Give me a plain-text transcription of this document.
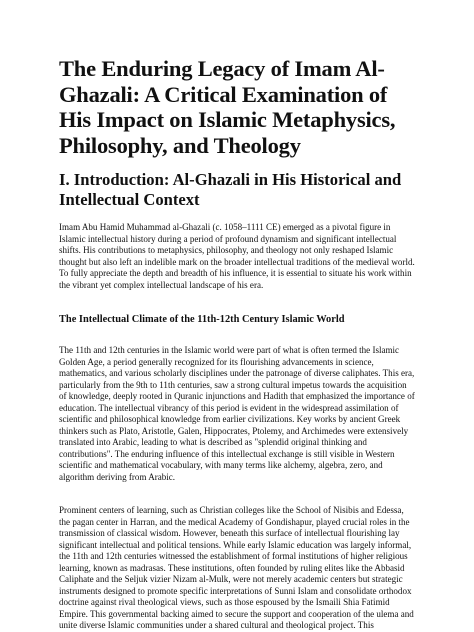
The Enduring Legacy of Imam Al-Ghazali: A Critical Examination of His Impact on Islamic Metaphysics, Philosophy, and Theology
I. Introduction: Al-Ghazali in His Historical and Intellectual Context

Imam Abu Hamid Muhammad al-Ghazali (c. 1058–1111 CE) emerged as a pivotal figure in Islamic intellectual history during a period of profound dynamism and significant intellectual shifts. His contributions to metaphysics, philosophy, and theology not only reshaped Islamic thought but also left an indelible mark on the broader intellectual traditions of the medieval world. To fully appreciate the depth and breadth of his influence, it is essential to situate his work within the vibrant yet complex intellectual landscape of his era.

The Intellectual Climate of the 11th-12th Century Islamic World

The 11th and 12th centuries in the Islamic world were part of what is often termed the Islamic Golden Age, a period generally recognized for its flourishing advancements in science, mathematics, and various scholarly disciplines under the patronage of diverse caliphates. This era, particularly from the 9th to 11th centuries, saw a strong cultural impetus towards the acquisition of knowledge, deeply rooted in Quranic injunctions and Hadith that emphasized the importance of education. The intellectual vibrancy of this period is evident in the widespread assimilation of scientific and philosophical knowledge from earlier civilizations. Key works by ancient Greek thinkers such as Plato, Aristotle, Galen, Hippocrates, Ptolemy, and Archimedes were extensively translated into Arabic, leading to what is described as "splendid original thinking and contributions". The enduring influence of this intellectual exchange is still visible in Western scientific and mathematical vocabulary, with many terms like alchemy, algebra, zero, and algorithm deriving from Arabic.

Prominent centers of learning, such as Christian colleges like the School of Nisibis and Edessa, the pagan center in Harran, and the medical Academy of Gondishapur, played crucial roles in the transmission of classical wisdom. However, beneath this surface of intellectual flourishing lay significant intellectual and political tensions. While early Islamic education was largely informal, the 11th and 12th centuries witnessed the establishment of formal institutions of higher religious learning, known as madrasas. These institutions, often founded by ruling elites like the Abbasid Caliphate and the Seljuk vizier Nizam al-Mulk, were not merely academic centers but strategic instruments designed to promote specific interpretations of Sunni Islam and consolidate orthodox doctrine against rival theological views, such as those espoused by the Ismaili Shia Fatimid Empire. This governmental backing aimed to secure the support and cooperation of the ulema and unite diverse Islamic communities under a shared cultural and theological project. This
